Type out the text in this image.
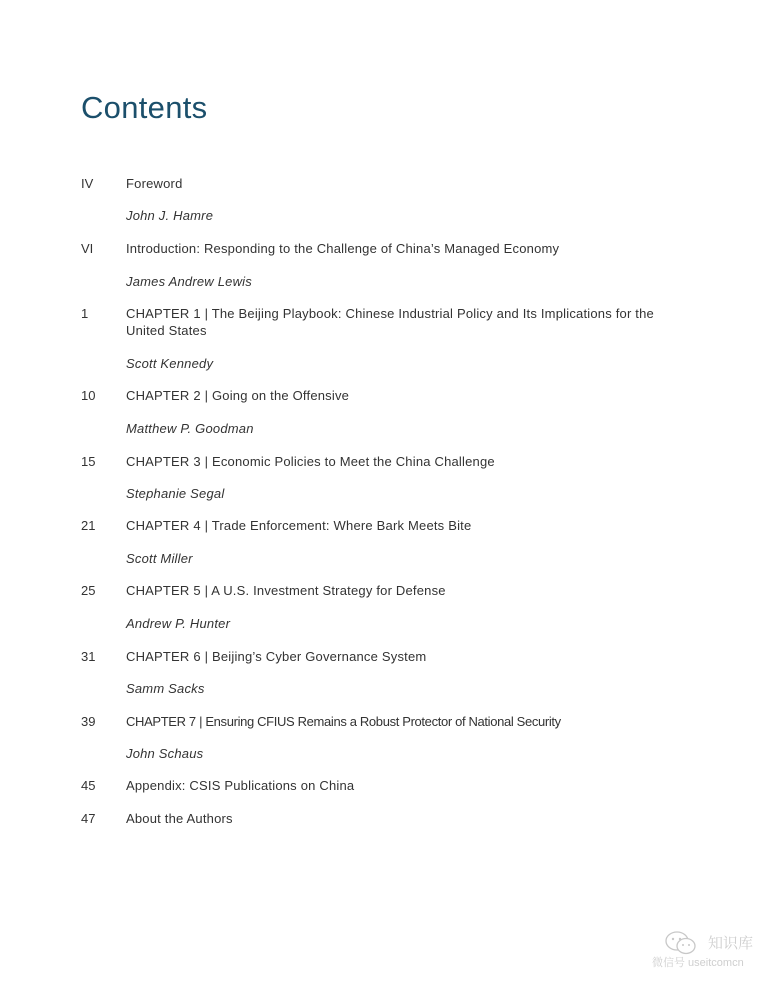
Contents
IV	Foreword
John J. Hamre
VI	Introduction: Responding to the Challenge of China’s Managed Economy
James Andrew Lewis
1	CHAPTER 1 | The Beijing Playbook: Chinese Industrial Policy and Its Implications for the United States
Scott Kennedy
10 CHAPTER 2 | Going on the Offensive
Matthew P. Goodman
15 CHAPTER 3 | Economic Policies to Meet the China Challenge
Stephanie Segal
21 CHAPTER 4 | Trade Enforcement: Where Bark Meets Bite
Scott Miller
25 CHAPTER 5 | A U.S. Investment Strategy for Defense
Andrew P. Hunter
31 CHAPTER 6 | Beijing’s Cyber Governance System
Samm Sacks
39 CHAPTER 7 | Ensuring CFIUS Remains a Robust Protector of National Security
John Schaus
45 Appendix: CSIS Publications on China
47 About the Authors
知识库
微信号 useitcomcn
